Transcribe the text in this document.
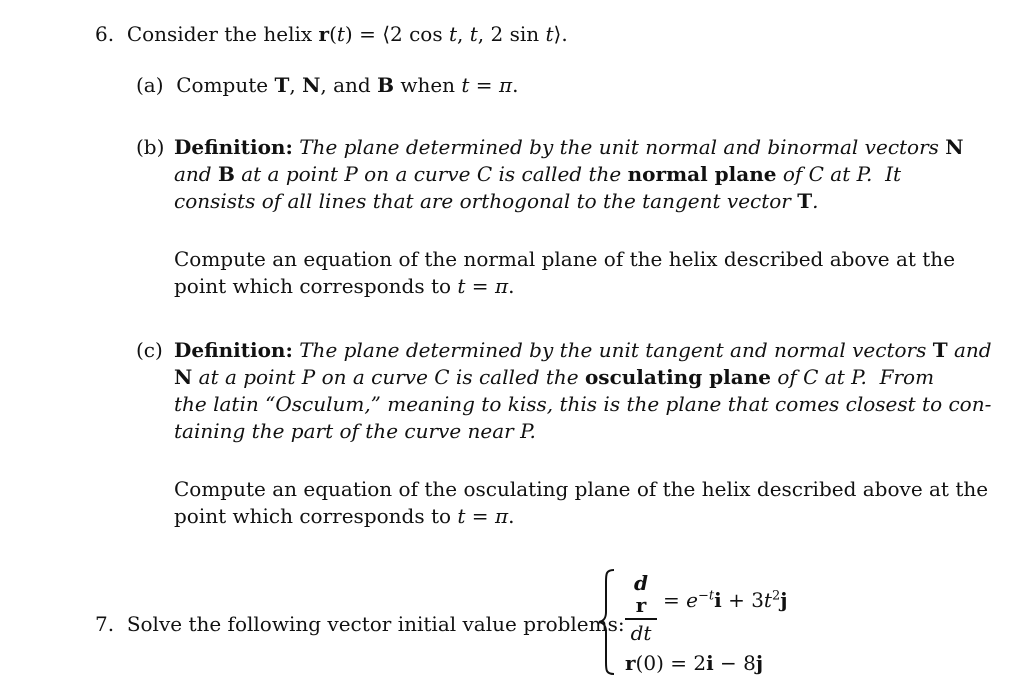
6. Consider the helix r(t) = ⟨2 cos t, t, 2 sin t⟩.
(a) Compute T, N, and B when t = π.
(b) Definition: The plane determined by the unit normal and binormal vectors N
and B at a point P on a curve C is called the normal plane of C at P.  It
consists of all lines that are orthogonal to the tangent vector T.
Compute an equation of the normal plane of the helix described above at the
point which corresponds to t = π.
(c) Definition: The plane determined by the unit tangent and normal vectors T and
N at a point P on a curve C is called the osculating plane of C at P.  From
the latin “Osculum,” meaning to kiss, this is the plane that comes closest to con-
taining the part of the curve near P.
Compute an equation of the osculating plane of the helix described above at the
point which corresponds to t = π.
7. Solve the following vector initial value problems:
d
r
dt
= $e^{-t}i + 3t^2j$
r(0) = 2i − 8j
